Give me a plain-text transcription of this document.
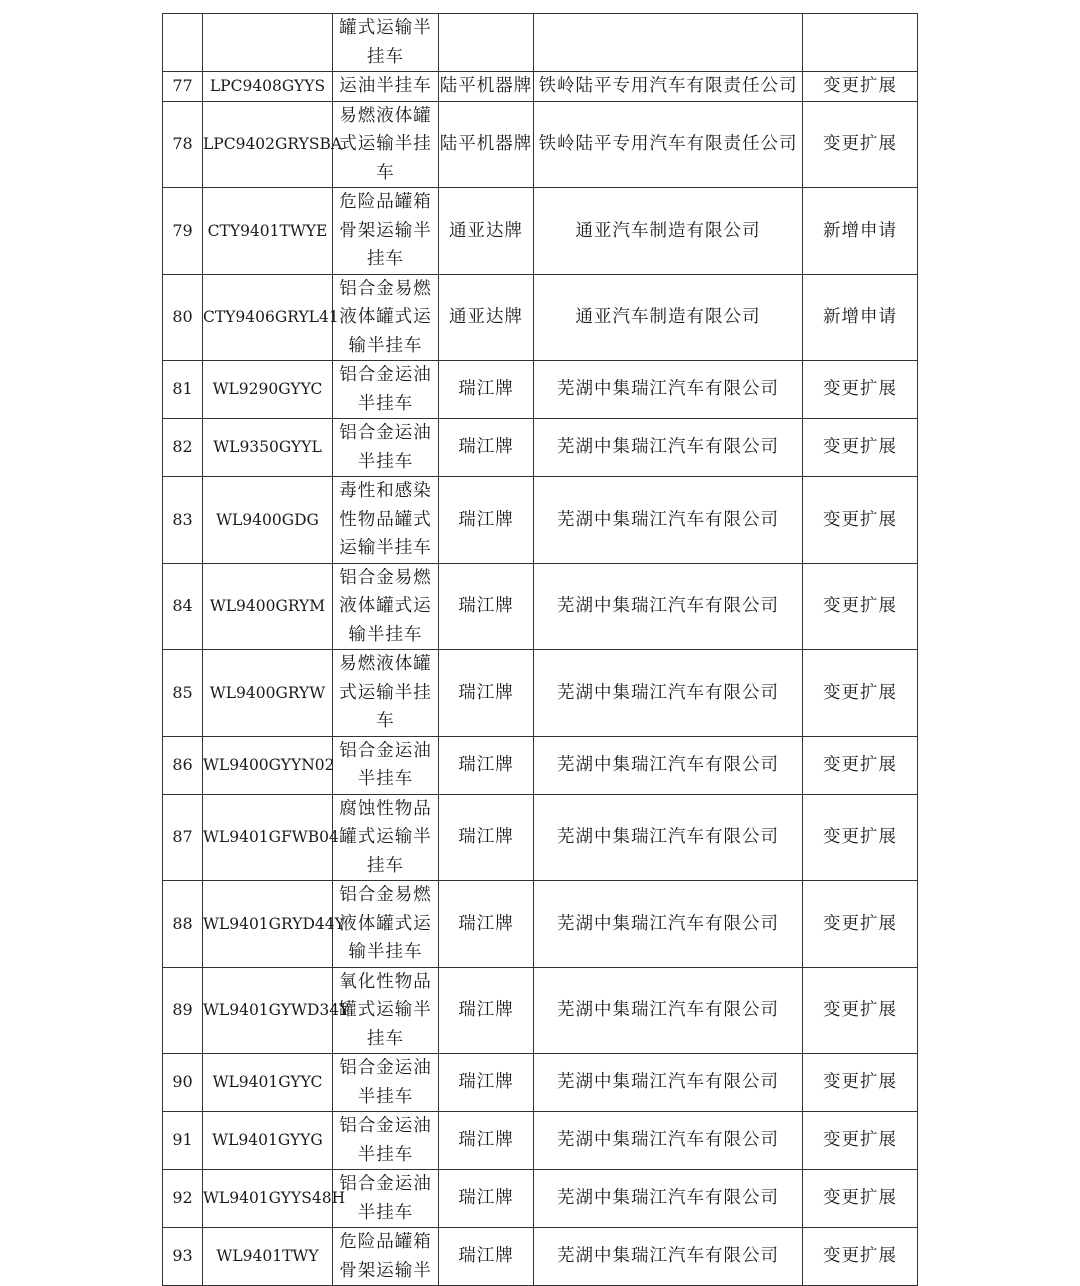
		罐式运输半
挂车			

77	LPC9408GYYS	运油半挂车	陆平机器牌	铁岭陆平专用汽车有限责任公司	变更扩展
78	LPC9402GRYSBA	易燃液体罐
式运输半挂
车	陆平机器牌	铁岭陆平专用汽车有限责任公司	变更扩展
79	CTY9401TWYE	危险品罐箱
骨架运输半
挂车	通亚达牌	通亚汽车制造有限公司	新增申请
80	CTY9406GRYL41	铝合金易燃
液体罐式运
输半挂车	通亚达牌	通亚汽车制造有限公司	新增申请
81	WL9290GYYC	铝合金运油
半挂车	瑞江牌	芜湖中集瑞江汽车有限公司	变更扩展
82	WL9350GYYL	铝合金运油
半挂车	瑞江牌	芜湖中集瑞江汽车有限公司	变更扩展
83	WL9400GDG	毒性和感染
性物品罐式
运输半挂车	瑞江牌	芜湖中集瑞江汽车有限公司	变更扩展
84	WL9400GRYM	铝合金易燃
液体罐式运
输半挂车	瑞江牌	芜湖中集瑞江汽车有限公司	变更扩展
85	WL9400GRYW	易燃液体罐
式运输半挂
车	瑞江牌	芜湖中集瑞江汽车有限公司	变更扩展
86	WL9400GYYN02	铝合金运油
半挂车	瑞江牌	芜湖中集瑞江汽车有限公司	变更扩展
87	WL9401GFWB04	腐蚀性物品
罐式运输半
挂车	瑞江牌	芜湖中集瑞江汽车有限公司	变更扩展
88	WL9401GRYD44Y	铝合金易燃
液体罐式运
输半挂车	瑞江牌	芜湖中集瑞江汽车有限公司	变更扩展
89	WL9401GYWD34Y	氧化性物品
罐式运输半
挂车	瑞江牌	芜湖中集瑞江汽车有限公司	变更扩展
90	WL9401GYYC	铝合金运油
半挂车	瑞江牌	芜湖中集瑞江汽车有限公司	变更扩展
91	WL9401GYYG	铝合金运油
半挂车	瑞江牌	芜湖中集瑞江汽车有限公司	变更扩展
92	WL9401GYYS48H	铝合金运油
半挂车	瑞江牌	芜湖中集瑞江汽车有限公司	变更扩展
93	WL9401TWY	危险品罐箱
骨架运输半	瑞江牌	芜湖中集瑞江汽车有限公司	变更扩展
